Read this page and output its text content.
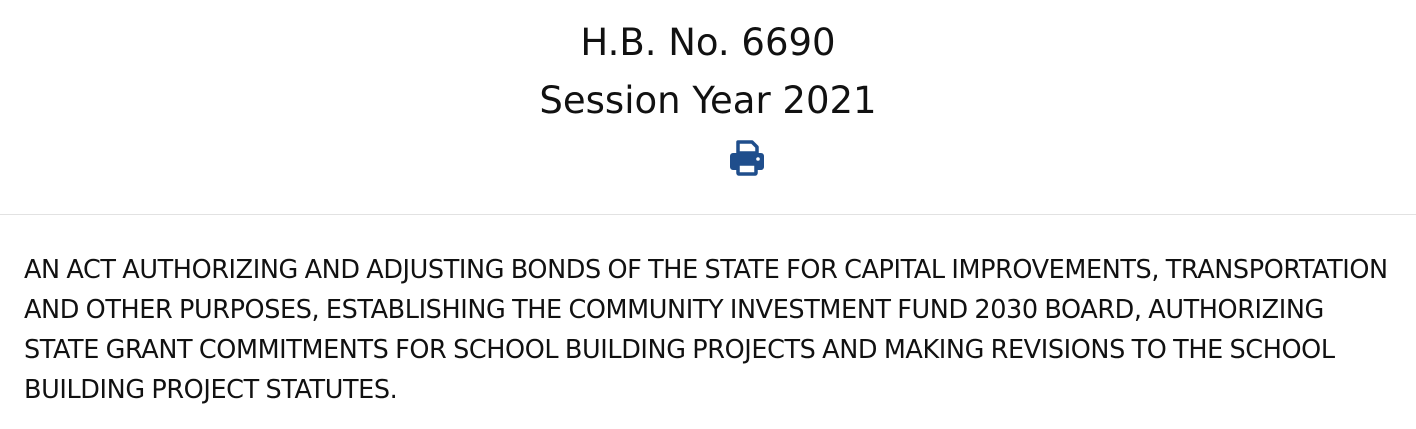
H.B. No. 6690
Session Year 2021
AN ACT AUTHORIZING AND ADJUSTING BONDS OF THE STATE FOR CAPITAL IMPROVEMENTS, TRANSPORTATION AND OTHER PURPOSES, ESTABLISHING THE COMMUNITY INVESTMENT FUND 2030 BOARD, AUTHORIZING STATE GRANT COMMITMENTS FOR SCHOOL BUILDING PROJECTS AND MAKING REVISIONS TO THE SCHOOL BUILDING PROJECT STATUTES.
